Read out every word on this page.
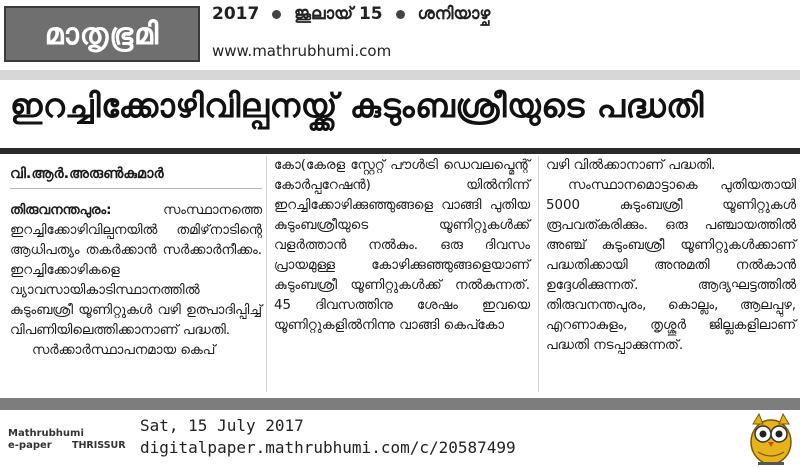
മാതൃഭൂമി
2017 ജൂലായ് 15 ശനിയാഴ്ച
www.mathrubhumi.com
ഇറച്ചിക്കോഴിവില്പനയ്ക്ക് കുടുംബശ്രീയുടെ പദ്ധതി
വി.ആർ.അരുൺകുമാർ

തിരുവനന്തപുരം: സംസ്ഥാനത്തെ ഇറച്ചിക്കോഴിവില്പനയിൽ തമിഴ്‌നാടിന്റെ ആധിപത്യം തകർക്കാൻ സർക്കാർനീക്കം. ഇറച്ചിക്കോഴികളെ വ്യാവസായികാടിസ്ഥാനത്തിൽ കുടുംബശ്രീ യൂണിറ്റുകൾ വഴി ഉത്പാദിപ്പിച്ച് വിപണിയിലെത്തിക്കാനാണ് പദ്ധതി.

സർക്കാർസ്ഥാപനമായ കെപ്

കോ(കേരള സ്റ്റേറ്റ് പൗൾട്രി ഡെവലപ്മെന്റ് കോർപ്പറേഷൻ) യിൽനിന്ന് ഇറച്ചിക്കോഴിക്കുഞ്ഞുങ്ങളെ വാങ്ങി പുതിയ കുടുംബശ്രീയുടെ യൂണിറ്റുകൾക്ക് വളർത്താൻ നൽകും. ഒരു ദിവസം പ്രായമുള്ള കോഴിക്കുഞ്ഞുങ്ങളെയാണ് കുടുംബശ്രീ യൂണിറ്റുകൾക്ക് നൽകുന്നത്. 45 ദിവസത്തിനു ശേഷം ഇവയെ യൂണിറ്റുകളിൽനിന്നു വാങ്ങി കെപ്കോ

വഴി വിൽക്കാനാണ് പദ്ധതി.

സംസ്ഥാനമൊട്ടാകെ പുതിയതായി 5000 കുടുംബശ്രീ യൂണിറ്റുകൾ രൂപവത്കരിക്കും. ഒരു പഞ്ചായത്തിൽ അഞ്ച് കുടുംബശ്രീ യൂണിറ്റുകൾക്കാണ് പദ്ധതിക്കായി അനുമതി നൽകാൻ ഉദ്ദേശിക്കുന്നത്. ആദ്യഘട്ടത്തിൽ തിരുവനന്തപുരം, കൊല്ലം, ആലപ്പുഴ, എറണാകുളം, തൃശ്ശൂർ ജില്ലകളിലാണ് പദ്ധതി നടപ്പാക്കുന്നത്.

Mathrubhumi
e-paper	THRISSUR
Sat, 15 July 2017
digitalpaper.mathrubhumi.com/c/20587499
